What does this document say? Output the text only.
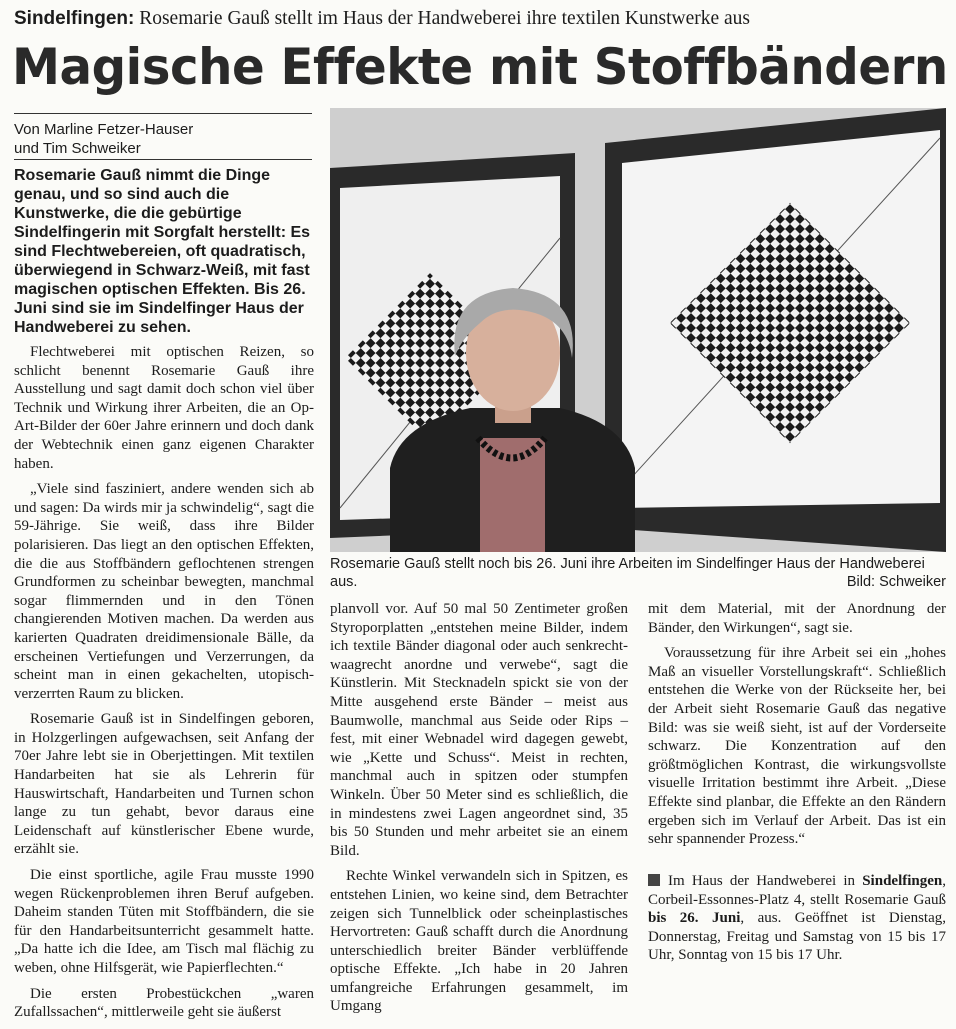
Sindelfingen: Rosemarie Gauß stellt im Haus der Handweberei ihre textilen Kunstwerke aus
Magische Effekte mit Stoffbändern
Von Marline Fetzer-Hauser
und Tim Schweiker
Rosemarie Gauß nimmt die Dinge genau, und so sind auch die Kunstwerke, die die gebürtige Sindelfingerin mit Sorgfalt herstellt: Es sind Flechtwebereien, oft quadratisch, überwiegend in Schwarz-Weiß, mit fast magischen optischen Effekten. Bis 26. Juni sind sie im Sindelfinger Haus der Handweberei zu sehen.

Flechtweberei mit optischen Reizen, so schlicht benennt Rosemarie Gauß ihre Ausstellung und sagt damit doch schon viel über Technik und Wirkung ihrer Arbeiten, die an Op-Art-Bilder der 60er Jahre erinnern und doch dank der Webtechnik einen ganz eigenen Charakter haben.

„Viele sind fasziniert, andere wenden sich ab und sagen: Da wirds mir ja schwindelig“, sagt die 59-Jährige. Sie weiß, dass ihre Bilder polarisieren. Das liegt an den optischen Effekten, die die aus Stoffbändern geflochtenen strengen Grundformen zu scheinbar bewegten, manchmal sogar flimmernden und in den Tönen changierenden Motiven machen. Da werden aus karierten Quadraten dreidimensionale Bälle, da erscheinen Vertiefungen und Verzerrungen, da scheint man in einen gekachelten, utopisch-verzerrten Raum zu blicken.

Rosemarie Gauß ist in Sindelfingen geboren, in Holzgerlingen aufgewachsen, seit Anfang der 70er Jahre lebt sie in Oberjettingen. Mit textilen Handarbeiten hat sie als Lehrerin für Hauswirtschaft, Handarbeiten und Turnen schon lange zu tun gehabt, bevor daraus eine Leidenschaft auf künstlerischer Ebene wurde, erzählt sie.

Die einst sportliche, agile Frau musste 1990 wegen Rückenproblemen ihren Beruf aufgeben. Daheim standen Tüten mit Stoffbändern, die sie für den Handarbeitsunterricht gesammelt hatte. „Da hatte ich die Idee, am Tisch mal flächig zu weben, ohne Hilfsgerät, wie Papierflechten.“

Die ersten Probestückchen „waren Zufallssachen“, mittlerweile geht sie äußerst

Rosemarie Gauß stellt noch bis 26. Juni ihre Arbeiten im Sindelfinger Haus der Handweberei aus.	Bild: Schweiker

planvoll vor. Auf 50 mal 50 Zentimeter großen Styroporplatten „entstehen meine Bilder, indem ich textile Bänder diagonal oder auch senkrecht-waagrecht anordne und verwebe“, sagt die Künstlerin. Mit Stecknadeln spickt sie von der Mitte ausgehend erste Bänder – meist aus Baumwolle, manchmal aus Seide oder Rips – fest, mit einer Webnadel wird dagegen gewebt, wie „Kette und Schuss“. Meist in rechten, manchmal auch in spitzen oder stumpfen Winkeln. Über 50 Meter sind es schließlich, die in mindestens zwei Lagen angeordnet sind, 35 bis 50 Stunden und mehr arbeitet sie an einem Bild.

Rechte Winkel verwandeln sich in Spitzen, es entstehen Linien, wo keine sind, dem Betrachter zeigen sich Tunnelblick oder scheinplastisches Hervortreten: Gauß schafft durch die Anordnung unterschiedlich breiter Bänder verblüffende optische Effekte. „Ich habe in 20 Jahren umfangreiche Erfahrungen gesammelt, im Umgang

mit dem Material, mit der Anordnung der Bänder, den Wirkungen“, sagt sie.

Voraussetzung für ihre Arbeit sei ein „hohes Maß an visueller Vorstellungskraft“. Schließlich entstehen die Werke von der Rückseite her, bei der Arbeit sieht Rosemarie Gauß das negative Bild: was sie weiß sieht, ist auf der Vorderseite schwarz. Die Konzentration auf den größtmöglichen Kontrast, die wirkungsvollste visuelle Irritation bestimmt ihre Arbeit. „Diese Effekte sind planbar, die Effekte an den Rändern ergeben sich im Verlauf der Arbeit. Das ist ein sehr spannender Prozess.“

Im Haus der Handweberei in Sindelfingen, Corbeil-Essonnes-Platz 4, stellt Rosemarie Gauß bis 26. Juni, aus. Geöffnet ist Dienstag, Donnerstag, Freitag und Samstag von 15 bis 17 Uhr, Sonntag von 15 bis 17 Uhr.
